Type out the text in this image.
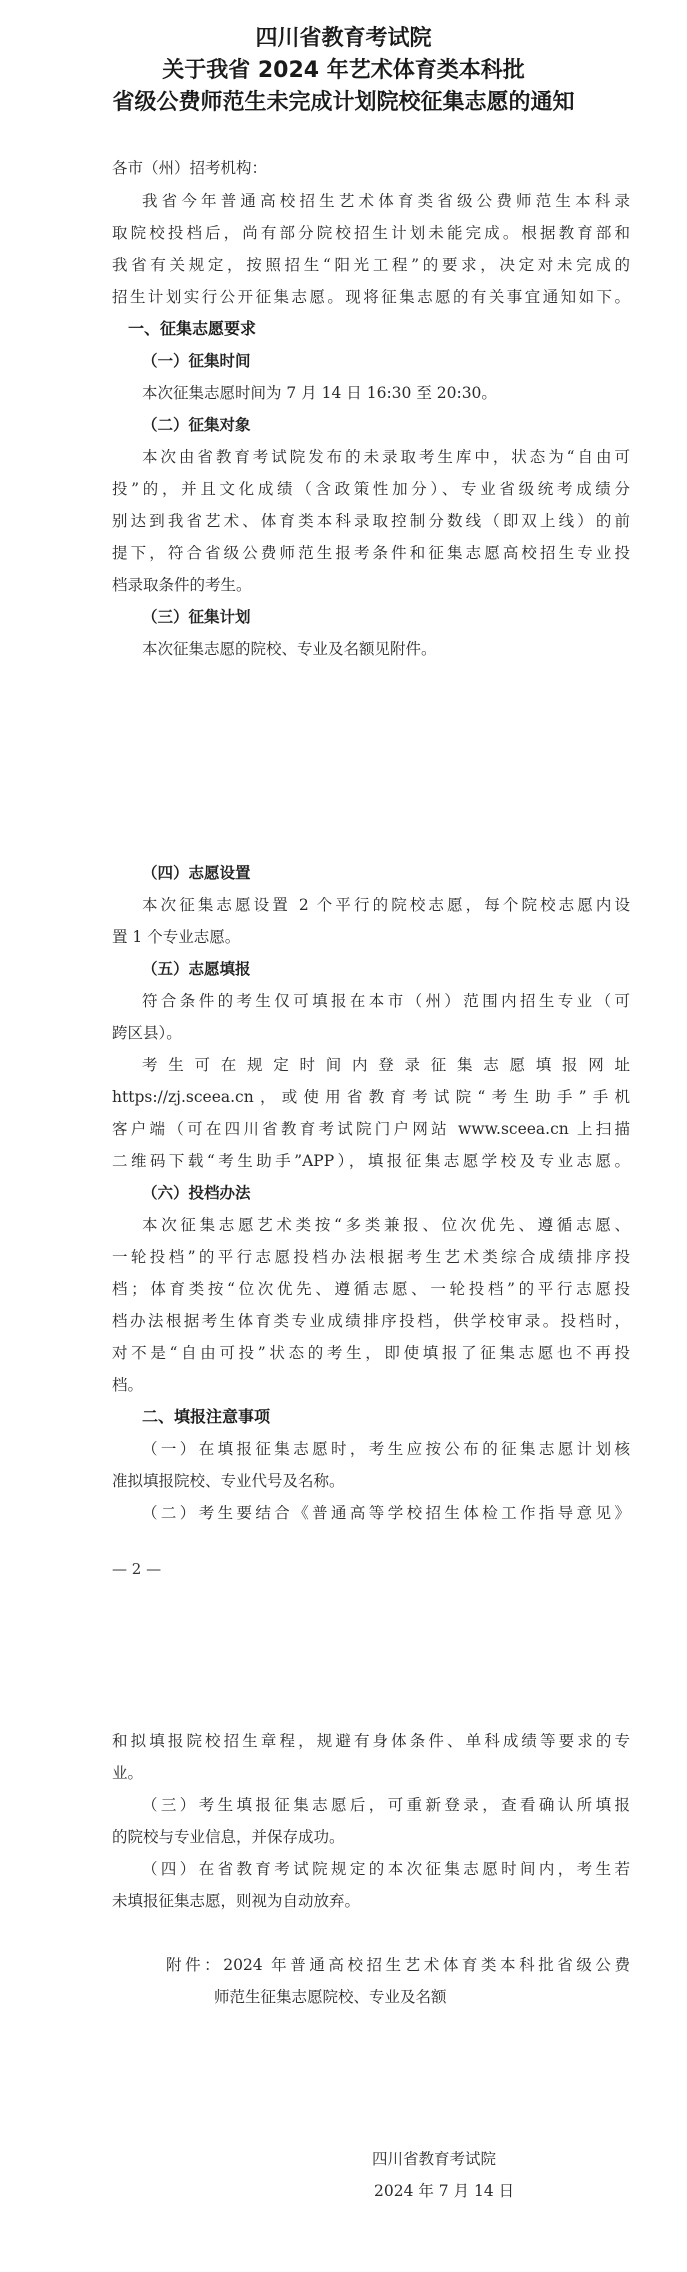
四川省教育考试院
关于我省 2024 年艺术体育类本科批
省级公费师范生未完成计划院校征集志愿的通知
各市（州）招考机构：
我省今年普通高校招生艺术体育类省级公费师范生本科录
取院校投档后，尚有部分院校招生计划未能完成。根据教育部和
我省有关规定，按照招生“阳光工程”的要求，决定对未完成的
招生计划实行公开征集志愿。现将征集志愿的有关事宜通知如下。
一、征集志愿要求
（一）征集时间
本次征集志愿时间为 7 月 14 日 16:30 至 20:30。
（二）征集对象
本次由省教育考试院发布的未录取考生库中，状态为“自由可
投”的，并且文化成绩（含政策性加分）、专业省级统考成绩分
别达到我省艺术、体育类本科录取控制分数线（即双上线）的前
提下，符合省级公费师范生报考条件和征集志愿高校招生专业投
档录取条件的考生。
（三）征集计划
本次征集志愿的院校、专业及名额见附件。
（四）志愿设置
本次征集志愿设置 2 个平行的院校志愿，每个院校志愿内设
置 1 个专业志愿。
（五）志愿填报
符合条件的考生仅可填报在本市（州）范围内招生专业（可
跨区县）。
考生可在规定时间内登录征集志愿填报网址
https://zj.sceea.cn，或使用省教育考试院“考生助手”手机
客户端（可在四川省教育考试院门户网站 www.sceea.cn 上扫描
二维码下载“考生助手”APP），填报征集志愿学校及专业志愿。
（六）投档办法
本次征集志愿艺术类按“多类兼报、位次优先、遵循志愿、
一轮投档”的平行志愿投档办法根据考生艺术类综合成绩排序投
档；体育类按“位次优先、遵循志愿、一轮投档”的平行志愿投
档办法根据考生体育类专业成绩排序投档，供学校审录。投档时，
对不是“自由可投”状态的考生，即使填报了征集志愿也不再投
档。
二、填报注意事项
（一）在填报征集志愿时，考生应按公布的征集志愿计划核
准拟填报院校、专业代号及名称。
（二）考生要结合《普通高等学校招生体检工作指导意见》
— 2 —
和拟填报院校招生章程，规避有身体条件、单科成绩等要求的专
业。
（三）考生填报征集志愿后，可重新登录，查看确认所填报
的院校与专业信息，并保存成功。
（四）在省教育考试院规定的本次征集志愿时间内，考生若
未填报征集志愿，则视为自动放弃。
附件：2024 年普通高校招生艺术体育类本科批省级公费
师范生征集志愿院校、专业及名额
四川省教育考试院
2024 年 7 月 14 日
